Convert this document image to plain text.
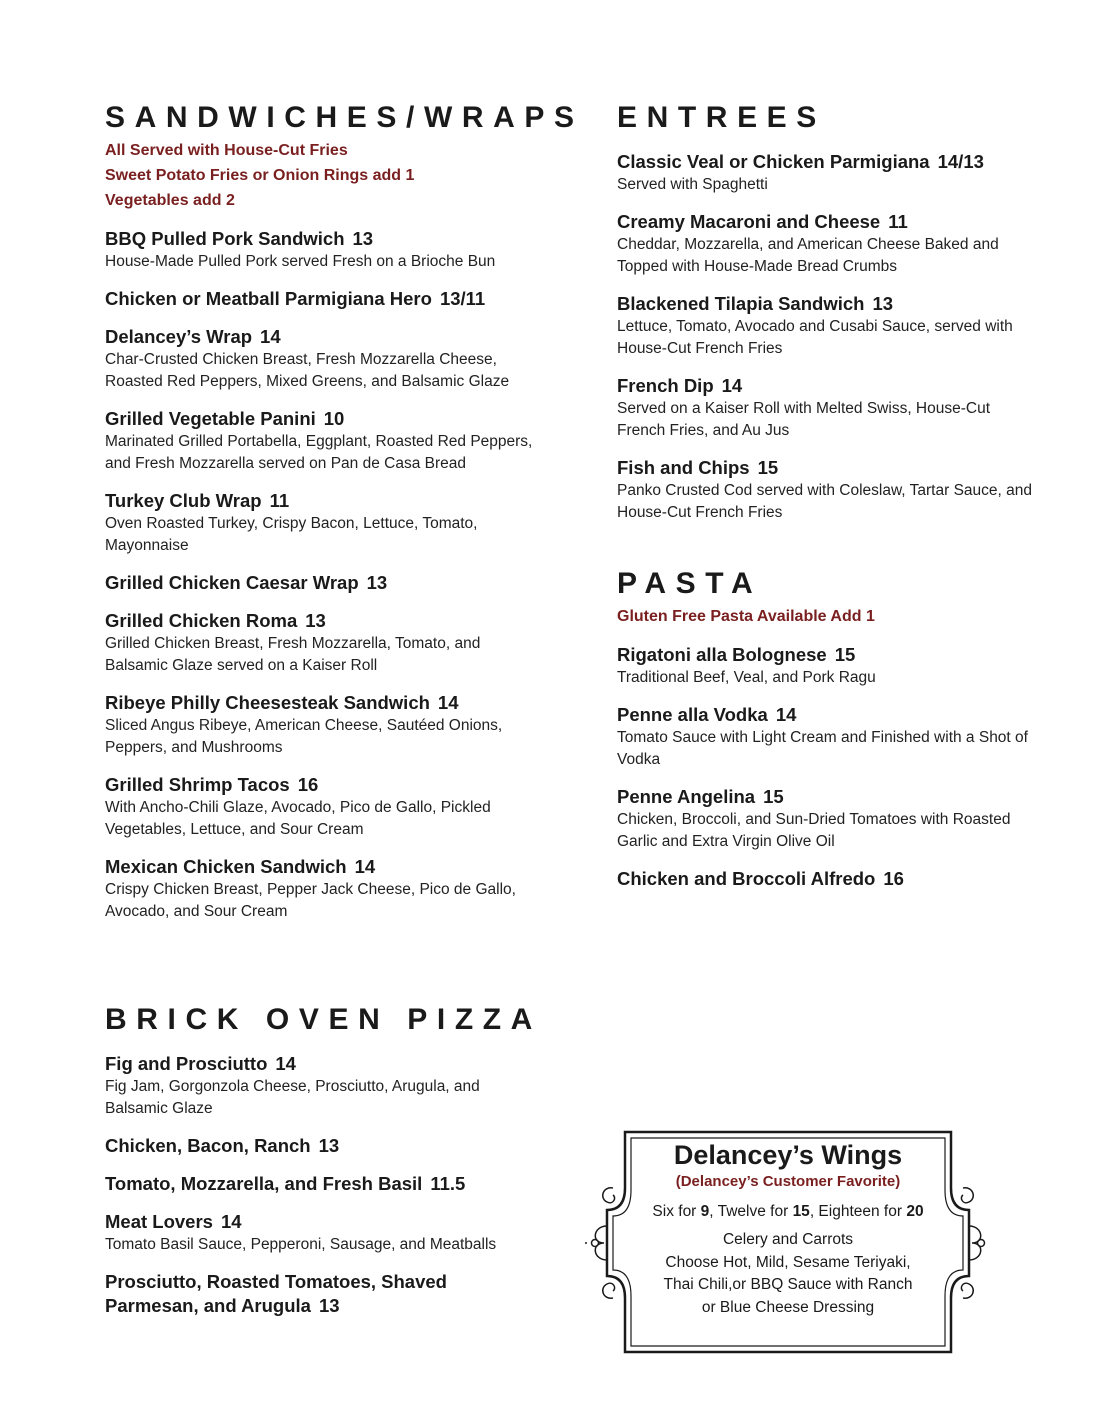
SANDWICHES/WRAPS
All Served with House-Cut Fries
Sweet Potato Fries or Onion Rings add 1
Vegetables add 2
BBQ Pulled Pork Sandwich 13
House-Made Pulled Pork served Fresh on a Brioche Bun
Chicken or Meatball Parmigiana Hero 13/11
Delancey’s Wrap 14
Char-Crusted Chicken Breast, Fresh Mozzarella Cheese, Roasted Red Peppers, Mixed Greens, and Balsamic Glaze
Grilled Vegetable Panini 10
Marinated Grilled Portabella, Eggplant, Roasted Red Peppers, and Fresh Mozzarella served on Pan de Casa Bread
Turkey Club Wrap 11
Oven Roasted Turkey, Crispy Bacon, Lettuce, Tomato, Mayonnaise
Grilled Chicken Caesar Wrap 13
Grilled Chicken Roma 13
Grilled Chicken Breast, Fresh Mozzarella, Tomato, and Balsamic Glaze served on a Kaiser Roll
Ribeye Philly Cheesesteak Sandwich 14
Sliced Angus Ribeye, American Cheese, Sautéed Onions, Peppers, and Mushrooms
Grilled Shrimp Tacos 16
With Ancho-Chili Glaze, Avocado, Pico de Gallo, Pickled Vegetables, Lettuce, and Sour Cream
Mexican Chicken Sandwich 14
Crispy Chicken Breast, Pepper Jack Cheese, Pico de Gallo, Avocado, and Sour Cream
BRICK OVEN PIZZA
Fig and Prosciutto 14
Fig Jam, Gorgonzola Cheese, Prosciutto, Arugula, and Balsamic Glaze
Chicken, Bacon, Ranch 13
Tomato, Mozzarella, and Fresh Basil 11.5
Meat Lovers 14
Tomato Basil Sauce, Pepperoni, Sausage, and Meatballs
Prosciutto, Roasted Tomatoes, Shaved Parmesan, and Arugula 13
ENTREES
Classic Veal or Chicken Parmigiana 14/13
Served with Spaghetti
Creamy Macaroni and Cheese 11
Cheddar, Mozzarella, and American Cheese Baked and Topped with House-Made Bread Crumbs
Blackened Tilapia Sandwich 13
Lettuce, Tomato, Avocado and Cusabi Sauce, served with House-Cut French Fries
French Dip 14
Served on a Kaiser Roll with Melted Swiss, House-Cut French Fries, and Au Jus
Fish and Chips 15
Panko Crusted Cod served with Coleslaw, Tartar Sauce, and House-Cut French Fries
PASTA
Gluten Free Pasta Available Add 1
Rigatoni alla Bolognese 15
Traditional Beef, Veal, and Pork Ragu
Penne alla Vodka 14
Tomato Sauce with Light Cream and Finished with a Shot of Vodka
Penne Angelina 15
Chicken, Broccoli, and Sun-Dried Tomatoes with Roasted Garlic and Extra Virgin Olive Oil
Chicken and Broccoli Alfredo 16
Delancey’s Wings
(Delancey’s Customer Favorite)
Six for 9, Twelve for 15, Eighteen for 20
Celery and Carrots
Choose Hot, Mild, Sesame Teriyaki,
Thai Chili,or BBQ Sauce with Ranch
or Blue Cheese Dressing
